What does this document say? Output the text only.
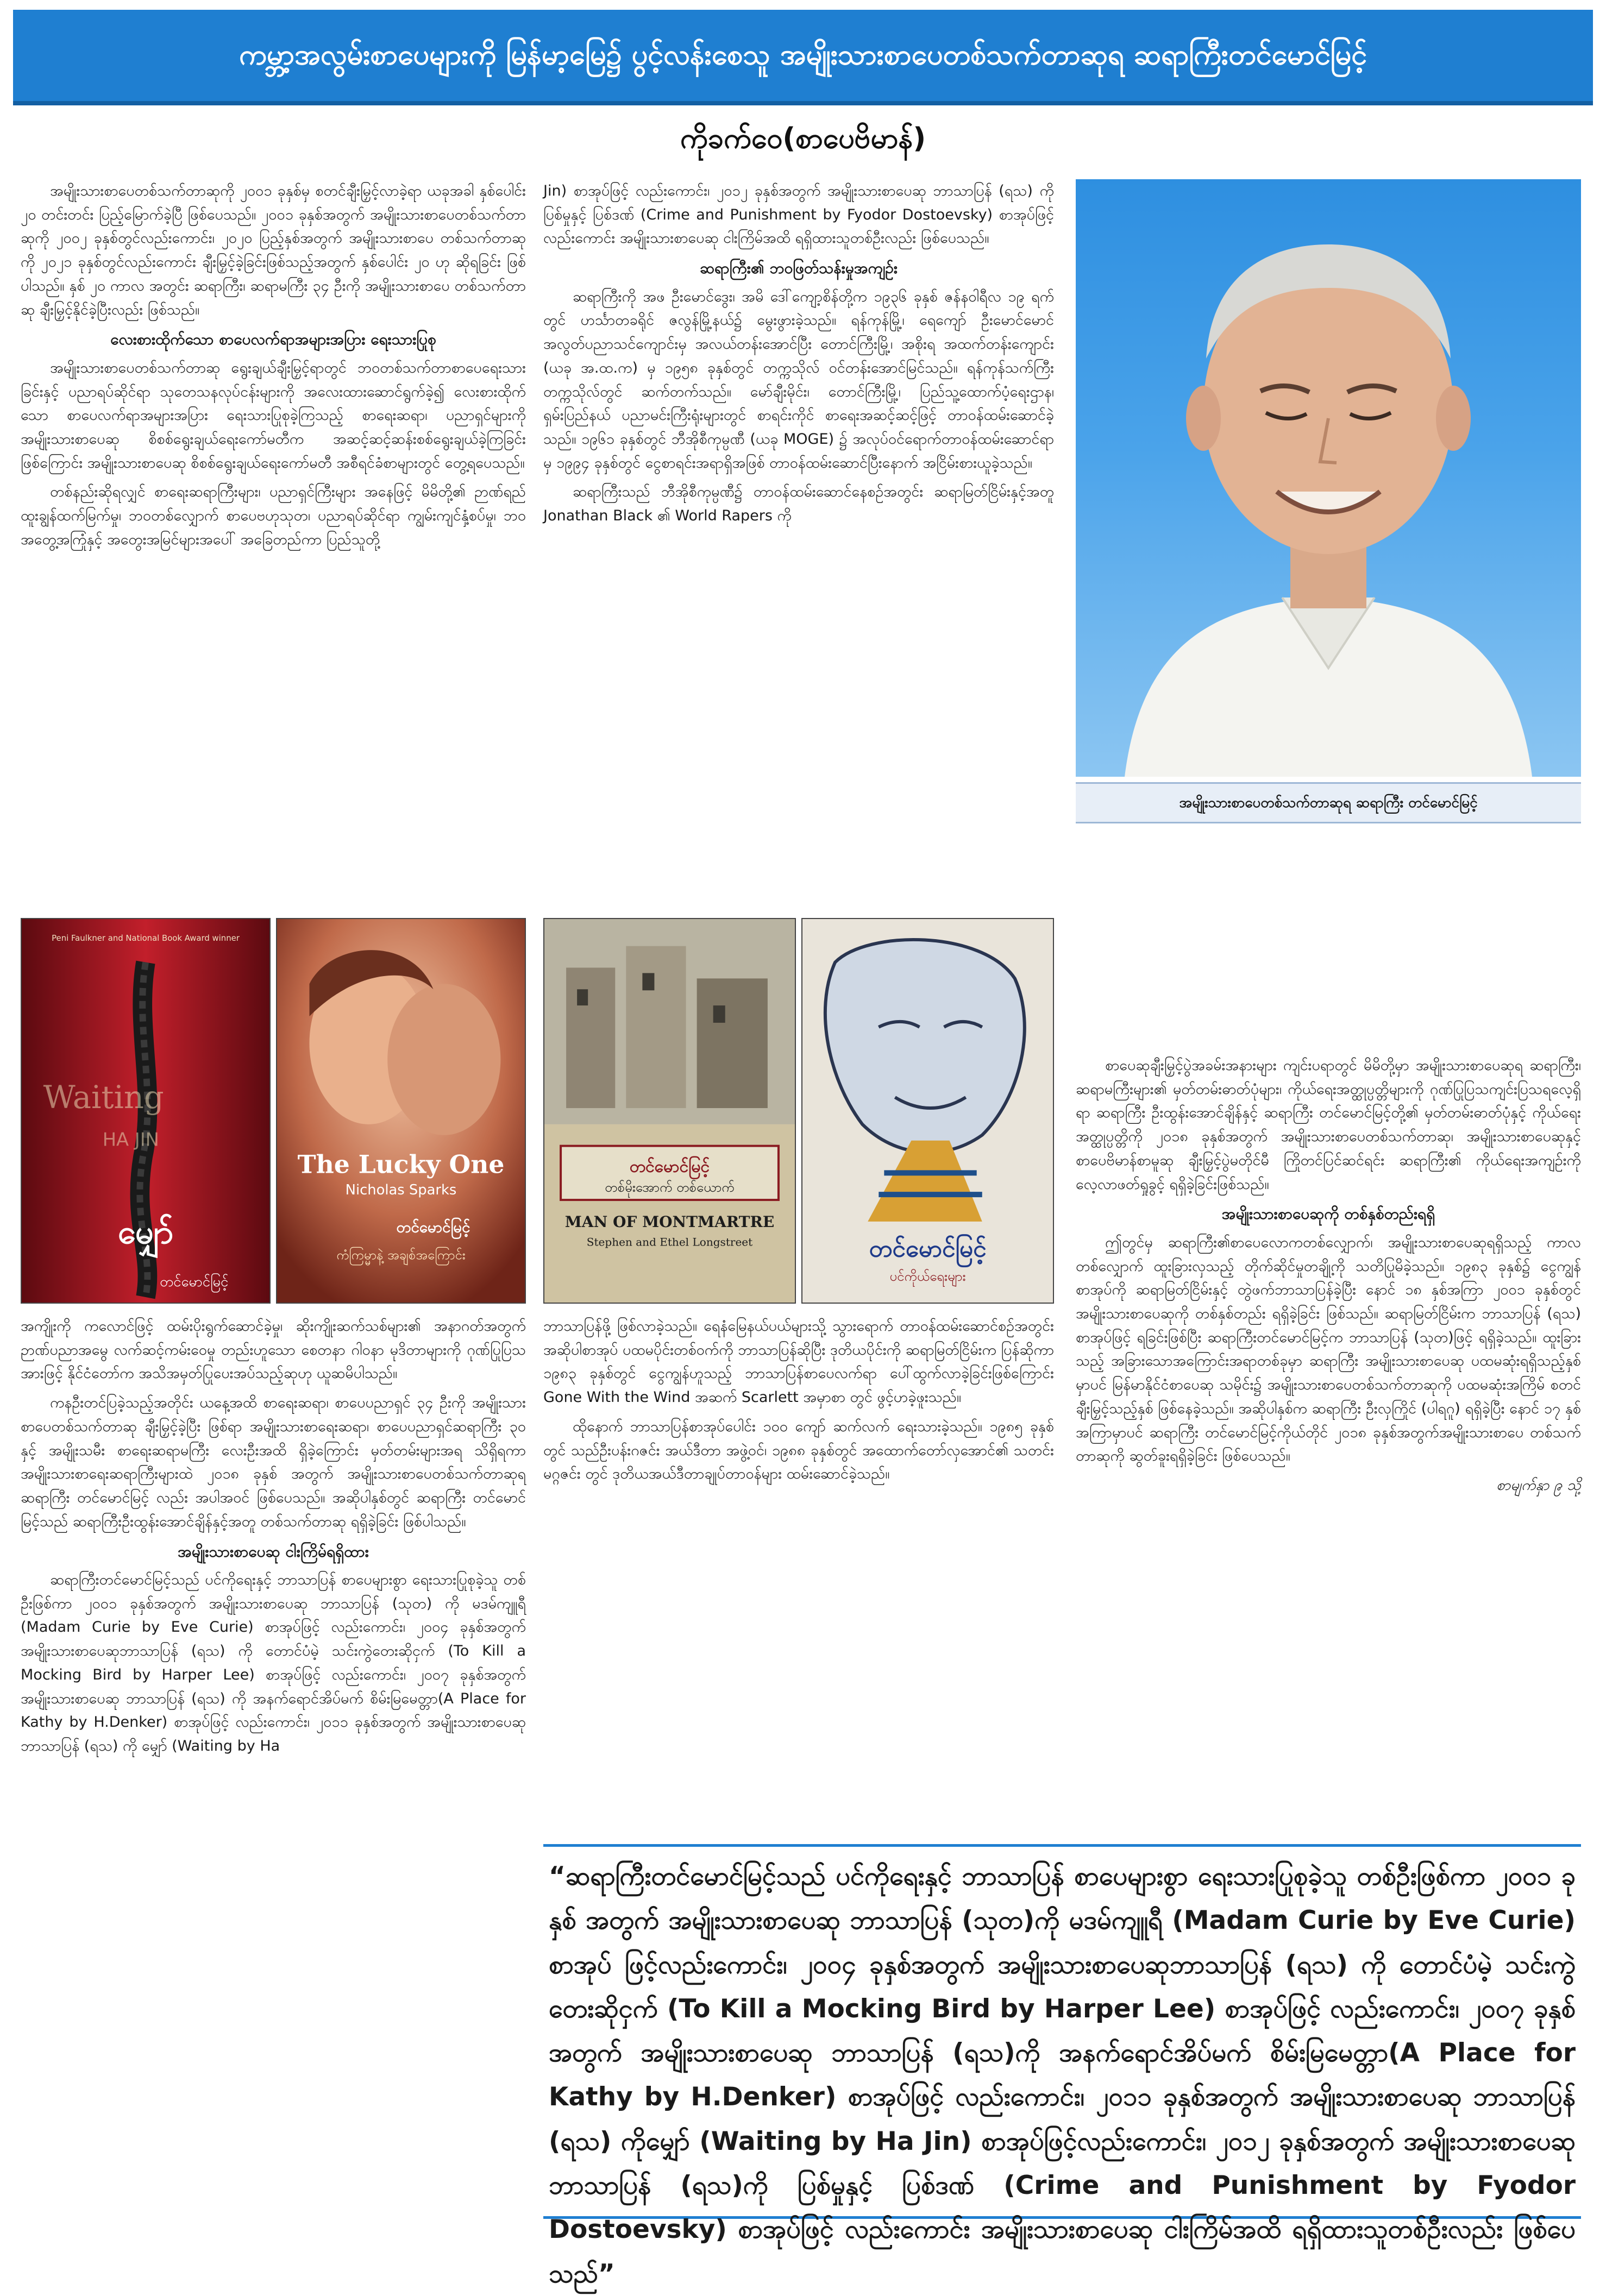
ကမ္ဘာ့အလွမ်းစာပေများကို မြန်မာ့မြေ၌ ပွင့်လန်းစေသူ အမျိုးသားစာပေတစ်သက်တာဆုရ ဆရာကြီးတင်မောင်မြင့်
ကိုခက်ဝေ(စာပေဗိမာန်)

အမျိုးသားစာပေတစ်သက်တာဆုကို ၂၀၀၁ ခုနှစ်မှ စတင်ချီးမြှင့်လာခဲ့ရာ ယခုအခါ နှစ်ပေါင်း ၂၀ တင်းတင်း ပြည့်မြောက်ခဲ့ပြီ ဖြစ်ပေသည်။ ၂၀၀၁ ခုနှစ်အတွက် အမျိုးသားစာပေတစ်သက်တာဆုကို ၂၀၀၂ ခုနှစ်တွင်လည်းကောင်း၊ ၂၀၂၀ ပြည့်နှစ်အတွက် အမျိုးသားစာပေ တစ်သက်တာဆုကို ၂၀၂၁ ခုနှစ်တွင်လည်းကောင်း ချီးမြှင့်ခဲ့ခြင်းဖြစ်သည့်အတွက် နှစ်ပေါင်း ၂၀ ဟု ဆိုရခြင်း ဖြစ်ပါသည်။ နှစ် ၂၀ ကာလ အတွင်း ဆရာကြီး၊ ဆရာမကြီး ၃၄ ဦးကို အမျိုးသားစာပေ တစ်သက်တာဆု ချီးမြှင့်နိုင်ခဲ့ပြီးလည်း ဖြစ်သည်။

လေးစားထိုက်သော စာပေလက်ရာအများအပြား ရေးသားပြုစု

အမျိုးသားစာပေတစ်သက်တာဆု ရွေးချယ်ချီးမြှင့်ရာတွင် ဘဝတစ်သက်တာစာပေရေးသားခြင်းနှင့် ပညာရပ်ဆိုင်ရာ သုတေသနလုပ်ငန်းများကို အလေးထားဆောင်ရွက်ခဲ့၍ လေးစားထိုက်သော စာပေလက်ရာအများအပြား ရေးသားပြုစုခဲ့ကြသည့် စာရေးဆရာ၊ ပညာရှင်များကို အမျိုးသားစာပေဆု စိစစ်ရွေးချယ်ရေးကော်မတီက အဆင့်ဆင့်ဆန်းစစ်ရွေးချယ်ခဲ့ကြခြင်းဖြစ်ကြောင်း အမျိုးသားစာပေဆု စိစစ်ရွေးချယ်ရေးကော်မတီ အစီရင်ခံစာများတွင် တွေ့ရပေသည်။

တစ်နည်းဆိုရလျှင် စာရေးဆရာကြီးများ၊ ပညာရှင်ကြီးများ အနေဖြင့် မိမိတို့၏ ဉာဏ်ရည်ထူးချွန်ထက်မြက်မှု၊ ဘဝတစ်လျှောက် စာပေဗဟုသုတ၊ ပညာရပ်ဆိုင်ရာ ကျွမ်းကျင်နှံ့စပ်မှု၊ ဘဝအတွေ့အကြုံနှင့် အတွေးအမြင်များအပေါ် အခြေတည်ကာ ပြည်သူတို့

Jin) စာအုပ်ဖြင့် လည်းကောင်း၊ ၂၀၁၂ ခုနှစ်အတွက် အမျိုးသားစာပေဆု ဘာသာပြန် (ရသ) ကို ပြစ်မှုနှင့် ပြစ်ဒဏ် (Crime and Punishment by Fyodor Dostoevsky) စာအုပ်ဖြင့်လည်းကောင်း အမျိုးသားစာပေဆု ငါးကြိမ်အထိ ရရှိထားသူတစ်ဦးလည်း ဖြစ်ပေသည်။

ဆရာကြီး၏ ဘဝဖြတ်သန်းမှုအကျဉ်း

ဆရာကြီးကို အဖ ဦးမောင်ဒွေး၊ အမိ ဒေါ်ကျော့စိန်တို့က ၁၉၃၆ ခုနှစ် ဇန်နဝါရီလ ၁၉ ရက်တွင် ဟင်္သာတခရိုင် ဇလွန်မြို့နယ်၌ မွေးဖွားခဲ့သည်။ ရန်ကုန်မြို့၊ ရေကျော် ဦးမောင်မောင် အလွတ်ပညာသင်ကျောင်းမှ အလယ်တန်းအောင်ပြီး တောင်ကြီးမြို့၊ အစိုးရ အထက်တန်းကျောင်း (ယခု အ.ထ.က) မှ ၁၉၅၈ ခုနှစ်တွင် တက္ကသိုလ် ဝင်တန်းအောင်မြင်သည်။ ရန်ကုန်သက်ကြီးတက္ကသိုလ်တွင် ဆက်တက်သည်။ မော်ချီးမိုင်း၊ တောင်ကြီးမြို့၊ ပြည်သူ့ထောက်ပံ့ရေးဌာန၊ ရှမ်းပြည်နယ် ပညာမင်းကြီးရုံးများတွင် စာရင်းကိုင် စာရေးအဆင့်ဆင့်ဖြင့် တာဝန်ထမ်းဆောင်ခဲ့သည်။ ၁၉၆၁ ခုနှစ်တွင် ဘီအိုစီကုမ္ပဏီ (ယခု MOGE) ၌ အလုပ်ဝင်ရောက်တာဝန်ထမ်းဆောင်ရာမှ ၁၉၉၄ ခုနှစ်တွင် ငွေစာရင်းအရာရှိအဖြစ် တာဝန်ထမ်းဆောင်ပြီးနောက် အငြိမ်းစားယူခဲ့သည်။

ဆရာကြီးသည် ဘီအိုစီကုမ္ပဏီ၌ တာဝန်ထမ်းဆောင်နေစဉ်အတွင်း ဆရာမြတ်ငြိမ်းနှင့်အတူ Jonathan Black ၏ World Rapers ကို

အမျိုးသားစာပေတစ်သက်တာဆုရ ဆရာကြီး တင်မောင်မြင့်
Peni Faulkner and National Book Award winner
Waiting
HA JIN
မျှော်
တင်မောင်မြင့်
The Lucky One
Nicholas Sparks
တင်မောင်မြင့်
ကံကြမ္မာနဲ့ အချစ်အကြောင်း
တင်မောင်မြင့်
တစ်မိုးအောက် တစ်ယောက်
MAN OF MONTMARTRE
Stephen and Ethel Longstreet	တင်မောင်မြင့်
ပင်ကိုယ်ရေးများ

စာပေဆုချီးမြှင့်ပွဲအခမ်းအနားများ ကျင်းပရာတွင် မိမိတို့မှာ အမျိုးသားစာပေဆုရ ဆရာကြီး၊ ဆရာမကြီးများ၏ မှတ်တမ်းဓာတ်ပုံများ၊ ကိုယ်ရေးအတ္ထုပ္ပတ္တိများကို ဂုဏ်ပြုပြသကျင်းပြသရလေ့ရှိရာ ဆရာကြီး ဦးထွန်းအောင်ချိန်နှင့် ဆရာကြီး တင်မောင်မြင့်တို့၏ မှတ်တမ်းဓာတ်ပုံနှင့် ကိုယ်ရေးအတ္ထုပ္ပတ္တိကို ၂၀၁၈ ခုနှစ်အတွက် အမျိုးသားစာပေတစ်သက်တာဆု၊ အမျိုးသားစာပေဆုနှင့် စာပေဗိမာန်စာမူဆု ချီးမြှင့်ပွဲမတိုင်မီ ကြိုတင်ပြင်ဆင်ရင်း ဆရာကြီး၏ ကိုယ်ရေးအကျဉ်းကို လေ့လာဖတ်ရှုခွင့် ရရှိခဲ့ခြင်းဖြစ်သည်။

အမျိုးသားစာပေဆုကို တစ်နှစ်တည်းရရှိ

ဤတွင်မှ ဆရာကြီး၏စာပေလောကတစ်လျှောက်၊ အမျိုးသားစာပေဆုရရှိသည့် ကာလတစ်လျှောက် ထူးခြားလှသည့် တိုက်ဆိုင်မှုတချို့ကို သတိပြုမိခဲ့သည်။ ၁၉၈၃ ခုနှစ်၌ ငွေကျွန်စာအုပ်ကို ဆရာမြတ်ငြိမ်းနှင့် တွဲဖက်ဘာသာပြန်ခဲ့ပြီး နောင် ၁၈ နှစ်အကြာ ၂၀၀၁ ခုနှစ်တွင် အမျိုးသားစာပေဆုကို တစ်နှစ်တည်း ရရှိခဲ့ခြင်း ဖြစ်သည်။ ဆရာမြတ်ငြိမ်းက ဘာသာပြန် (ရသ) စာအုပ်ဖြင့် ရခြင်းဖြစ်ပြီး ဆရာကြီးတင်မောင်မြင့်က ဘာသာပြန် (သုတ)ဖြင့် ရရှိခဲ့သည်။ ထူးခြားသည့် အခြားသောအကြောင်းအရာတစ်ခုမှာ ဆရာကြီး အမျိုးသားစာပေဆု ပထမဆုံးရရှိသည့်နှစ်မှာပင် မြန်မာနိုင်ငံစာပေဆု သမိုင်း၌ အမျိုးသားစာပေတစ်သက်တာဆုကို ပထမဆုံးအကြိမ် စတင်ချီးမြှင့်သည့်နှစ် ဖြစ်နေခဲ့သည်။ အဆိုပါနှစ်က ဆရာကြီး ဦးလှကြိုင် (ပါရဂူ) ရရှိခဲ့ပြီး နောင် ၁၇ နှစ်အကြာမှာပင် ဆရာကြီး တင်မောင်မြင့်ကိုယ်တိုင် ၂၀၁၈ ခုနှစ်အတွက်အမျိုးသားစာပေ တစ်သက်တာဆုကို ဆွတ်ခူးရရှိခဲ့ခြင်း ဖြစ်ပေသည်။

စာမျက်နှာ ၉ သို့

အကျိုးကို ကလောင်ဖြင့် ထမ်းပိုးရွက်ဆောင်ခဲ့မှု၊ ဆိုးကျိုးဆက်သစ်များ၏ အနာဂတ်အတွက် ဉာဏ်ပညာအမွေ လက်ဆင့်ကမ်းဝေမှု တည်းဟူသော စေတနာ ဂါဝနာ မုဒိတာများကို ဂုဏ်ပြုပြသအားဖြင့် နိုင်ငံတော်က အသိအမှတ်ပြုပေးအပ်သည့်ဆုဟု ယူဆမိပါသည်။

ကနဦးတင်ပြခဲ့သည့်အတိုင်း ယနေ့အထိ စာရေးဆရာ၊ စာပေပညာရှင် ၃၄ ဦးကို အမျိုးသားစာပေတစ်သက်တာဆု ချီးမြှင့်ခဲ့ပြီး ဖြစ်ရာ အမျိုးသားစာရေးဆရာ၊ စာပေပညာရှင်ဆရာကြီး ၃၀ နှင့် အမျိုးသမီး စာရေးဆရာမကြီး လေးဦးအထိ ရှိခဲ့ကြောင်း မှတ်တမ်းများအရ သိရှိရကာ အမျိုးသားစာရေးဆရာကြီးများထဲ ၂၀၁၈ ခုနှစ် အတွက် အမျိုးသားစာပေတစ်သက်တာဆုရ ဆရာကြီး တင်မောင်မြင့် လည်း အပါအဝင် ဖြစ်ပေသည်။ အဆိုပါနှစ်တွင် ဆရာကြီး တင်မောင် မြင့်သည် ဆရာကြီးဦးထွန်းအောင်ချိန်နှင့်အတူ တစ်သက်တာဆု ရရှိခဲ့ခြင်း ဖြစ်ပါသည်။

အမျိုးသားစာပေဆု ငါးကြိမ်ရရှိထား

ဆရာကြီးတင်မောင်မြင့်သည် ပင်ကိုရေးနှင့် ဘာသာပြန် စာပေများစွာ ရေးသားပြုစုခဲ့သူ တစ်ဦးဖြစ်ကာ ၂၀၀၁ ခုနှစ်အတွက် အမျိုးသားစာပေဆု ဘာသာပြန် (သုတ) ကို မဒမ်ကျူရီ (Madam Curie by Eve Curie) စာအုပ်ဖြင့် လည်းကောင်း၊ ၂၀၀၄ ခုနှစ်အတွက် အမျိုးသားစာပေဆုဘာသာပြန် (ရသ) ကို တောင်ပံမဲ့ သင်းကွဲတေးဆိုငှက် (To Kill a Mocking Bird by Harper Lee) စာအုပ်ဖြင့် လည်းကောင်း၊ ၂၀၀၇ ခုနှစ်အတွက် အမျိုးသားစာပေဆု ဘာသာပြန် (ရသ) ကို အနက်ရောင်အိပ်မက် စိမ်းမြမေတ္တာ(A Place for Kathy by H.Denker) စာအုပ်ဖြင့် လည်းကောင်း၊ ၂၀၁၁ ခုနှစ်အတွက် အမျိုးသားစာပေဆု ဘာသာပြန် (ရသ) ကို မျှော် (Waiting by Ha

ဘာသာပြန်ဖို့ ဖြစ်လာခဲ့သည်။ ရေနံမြေနယ်ပယ်များသို့ သွားရောက် တာဝန်ထမ်းဆောင်စဉ်အတွင်း အဆိုပါစာအုပ် ပထမပိုင်းတစ်ဝက်ကို ဘာသာပြန်ဆိုပြီး ဒုတိယပိုင်းကို ဆရာမြတ်ငြိမ်းက ပြန်ဆိုကာ ၁၉၈၃ ခုနှစ်တွင် ငွေကျွန်ဟူသည့် ဘာသာပြန်စာပေလက်ရာ ပေါ်ထွက်လာခဲ့ခြင်းဖြစ်ကြောင်း Gone With the Wind အဆက် Scarlett အမှာစာ တွင် ဖွင့်ဟခဲ့ဖူးသည်။

ထိုနောက် ဘာသာပြန်စာအုပ်ပေါင်း ၁၀၀ ကျော် ဆက်လက် ရေးသားခဲ့သည်။ ၁၉၈၅ ခုနှစ်တွင် သည်ဦးပန်းဂဇင်း အယ်ဒီတာ အဖွဲ့ဝင်၊ ၁၉၈၈ ခုနှစ်တွင် အထောက်တော်လှအောင်၏ သတင်းမဂ္ဂဇင်း တွင် ဒုတိယအယ်ဒီတာချုပ်တာဝန်များ ထမ်းဆောင်ခဲ့သည်။

“ဆရာကြီးတင်မောင်မြင့်သည် ပင်ကိုရေးနှင့် ဘာသာပြန် စာပေများစွာ ရေးသားပြုစုခဲ့သူ တစ်ဦးဖြစ်ကာ ၂၀၀၁ ခုနှစ် အတွက် အမျိုးသားစာပေဆု ဘာသာပြန် (သုတ)ကို မဒမ်ကျူရီ (Madam Curie by Eve Curie) စာအုပ် ဖြင့်လည်းကောင်း၊ ၂၀၀၄ ခုနှစ်အတွက် အမျိုးသားစာပေဆုဘာသာပြန် (ရသ) ကို တောင်ပံမဲ့ သင်းကွဲတေးဆိုငှက် (To Kill a Mocking Bird by Harper Lee) စာအုပ်ဖြင့် လည်းကောင်း၊ ၂၀၀၇ ခုနှစ်အတွက် အမျိုးသားစာပေဆု ဘာသာပြန် (ရသ)ကို အနက်ရောင်အိပ်မက် စိမ်းမြမေတ္တာ(A Place for Kathy by H.Denker) စာအုပ်ဖြင့် လည်းကောင်း၊ ၂၀၁၁ ခုနှစ်အတွက် အမျိုးသားစာပေဆု ဘာသာပြန် (ရသ) ကိုမျှော် (Waiting by Ha Jin) စာအုပ်ဖြင့်လည်းကောင်း၊ ၂၀၁၂ ခုနှစ်အတွက် အမျိုးသားစာပေဆု ဘာသာပြန် (ရသ)ကို ပြစ်မှုနှင့် ပြစ်ဒဏ် (Crime and Punishment by Fyodor Dostoevsky) စာအုပ်ဖြင့် လည်းကောင်း အမျိုးသားစာပေဆု ငါးကြိမ်အထိ ရရှိထားသူတစ်ဦးလည်း ဖြစ်ပေသည်”
